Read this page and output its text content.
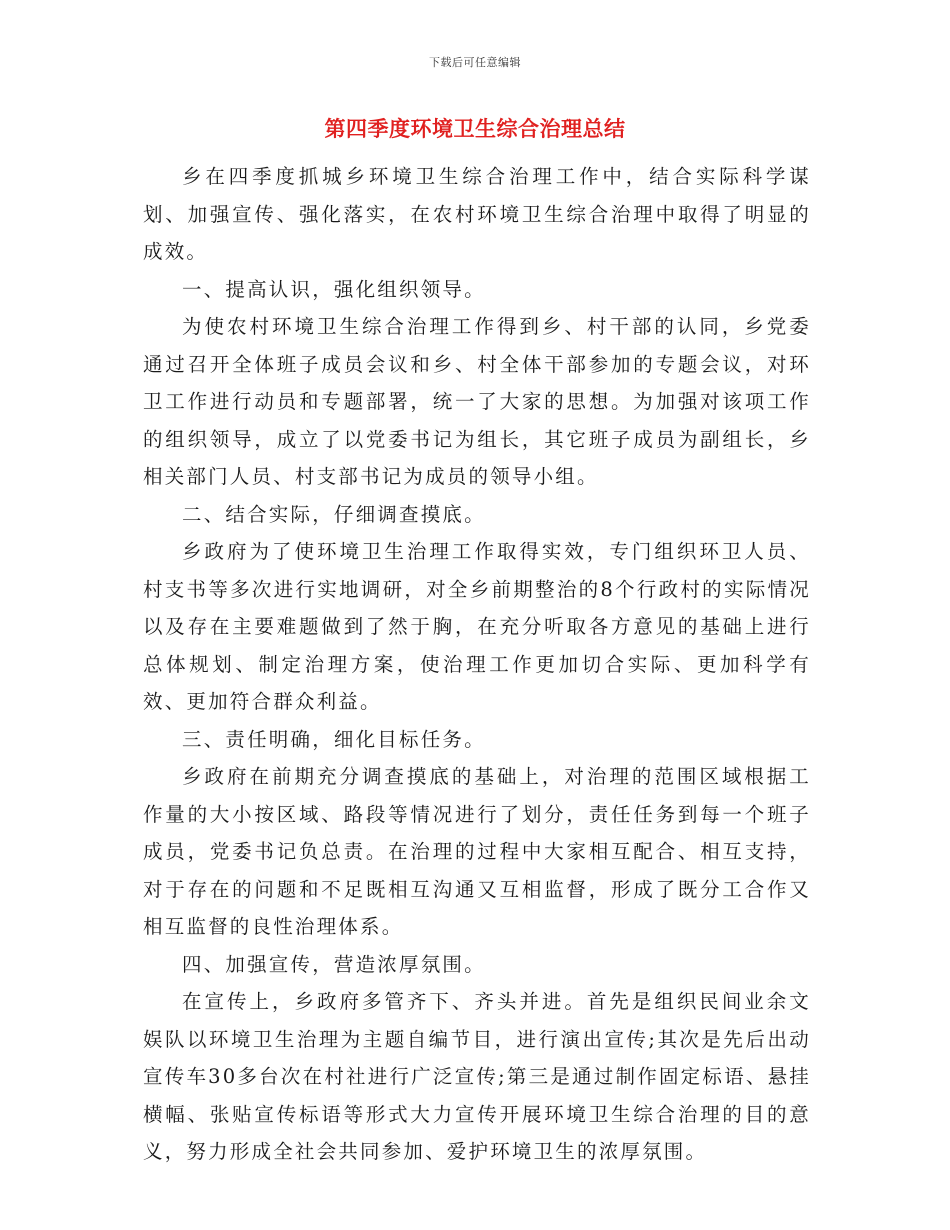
下载后可任意编辑
第四季度环境卫生综合治理总结

乡在四季度抓城乡环境卫生综合治理工作中，结合实际科学谋划、加强宣传、强化落实，在农村环境卫生综合治理中取得了明显的成效。

一、提高认识，强化组织领导。

为使农村环境卫生综合治理工作得到乡、村干部的认同，乡党委通过召开全体班子成员会议和乡、村全体干部参加的专题会议，对环卫工作进行动员和专题部署，统一了大家的思想。为加强对该项工作的组织领导，成立了以党委书记为组长，其它班子成员为副组长，乡相关部门人员、村支部书记为成员的领导小组。

二、结合实际，仔细调查摸底。

乡政府为了使环境卫生治理工作取得实效，专门组织环卫人员、村支书等多次进行实地调研，对全乡前期整治的8个行政村的实际情况以及存在主要难题做到了然于胸，在充分听取各方意见的基础上进行总体规划、制定治理方案，使治理工作更加切合实际、更加科学有效、更加符合群众利益。

三、责任明确，细化目标任务。

乡政府在前期充分调查摸底的基础上，对治理的范围区域根据工作量的大小按区域、路段等情况进行了划分，责任任务到每一个班子成员，党委书记负总责。在治理的过程中大家相互配合、相互支持，对于存在的问题和不足既相互沟通又互相监督，形成了既分工合作又相互监督的良性治理体系。

四、加强宣传，营造浓厚氛围。

在宣传上，乡政府多管齐下、齐头并进。首先是组织民间业余文娱队以环境卫生治理为主题自编节目，进行演出宣传;其次是先后出动宣传车30多台次在村社进行广泛宣传;第三是通过制作固定标语、悬挂横幅、张贴宣传标语等形式大力宣传开展环境卫生综合治理的目的意义，努力形成全社会共同参加、爱护环境卫生的浓厚氛围。
